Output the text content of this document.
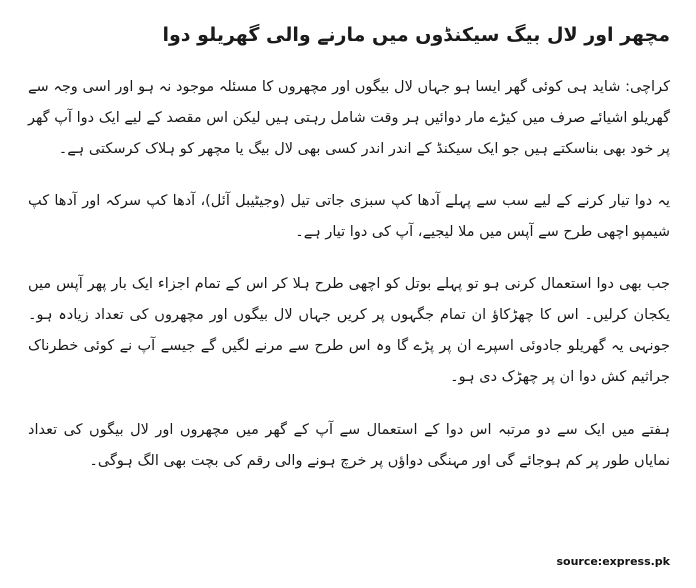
مچھر اور لال بیگ سیکنڈوں میں مارنے والی گھریلو دوا

کراچی: شاید ہی کوئی گھر ایسا ہو جہاں لال بیگوں اور مچھروں کا مسئلہ موجود نہ ہو اور اسی وجہ سے گھریلو اشیائے صرف میں کیڑے مار دوائیں ہر وقت شامل رہتی ہیں لیکن اس مقصد کے لیے ایک دوا آپ گھر پر خود بھی بناسکتے ہیں جو ایک سیکنڈ کے اندر اندر کسی بھی لال بیگ یا مچھر کو ہلاک کرسکتی ہے۔

یہ دوا تیار کرنے کے لیے سب سے پہلے آدھا کپ سبزی جاتی تیل (وجیٹیبل آئل)، آدھا کپ سرکہ اور آدھا کپ شیمپو اچھی طرح سے آپس میں ملا لیجیے، آپ کی دوا تیار ہے۔

جب بھی دوا استعمال کرنی ہو تو پہلے بوتل کو اچھی طرح ہلا کر اس کے تمام اجزاء ایک بار پھر آپس میں یکجان کرلیں۔ اس کا چھڑکاؤ ان تمام جگہوں پر کریں جہاں لال بیگوں اور مچھروں کی تعداد زیادہ ہو۔ جونہی یہ گھریلو جادوئی اسپرے ان پر پڑے گا وہ اس طرح سے مرنے لگیں گے جیسے آپ نے کوئی خطرناک جراثیم کش دوا ان پر چھڑک دی ہو۔

ہفتے میں ایک سے دو مرتبہ اس دوا کے استعمال سے آپ کے گھر میں مچھروں اور لال بیگوں کی تعداد نمایاں طور پر کم ہوجائے گی اور مہنگی دواؤں پر خرچ ہونے والی رقم کی بچت بھی الگ ہوگی۔

source:express.pk
